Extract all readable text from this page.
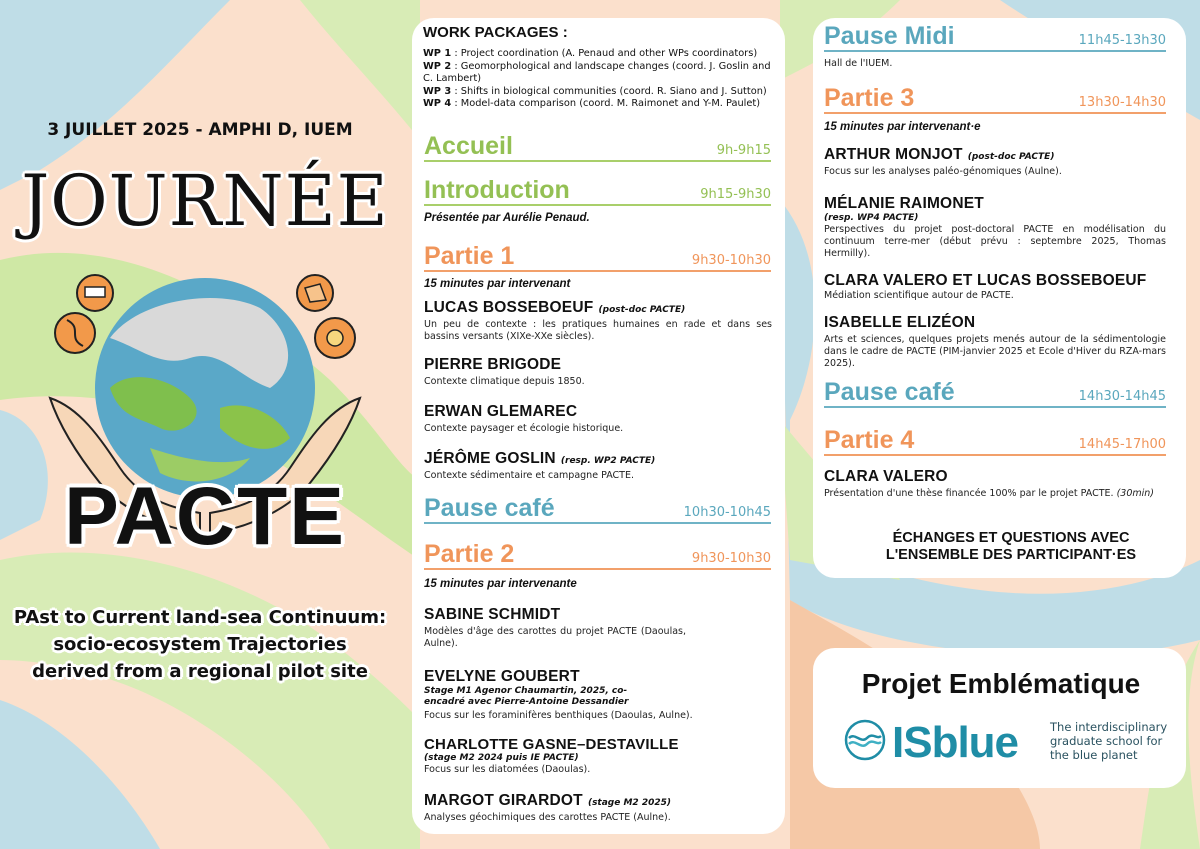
3 JUILLET 2025 - AMPHI D, IUEM
JOURNÉE
PACTE
PAst to Current land-sea Continuum:
socio-ecosystem Trajectories
derived from a regional pilot site
WORK PACKAGES :
WP 1 : Project coordination (A. Penaud and other WPs coordinators)
WP 2 : Geomorphological and landscape changes (coord. J. Goslin and C. Lambert)
WP 3 : Shifts in biological communities (coord. R. Siano and J. Sutton)
WP 4 : Model-data comparison (coord. M. Raimonet and Y-M. Paulet)
Accueil	9h-9h15
Introduction	9h15-9h30
Présentée par Aurélie Penaud.
Partie 1	9h30-10h30
15 minutes par intervenant
LUCAS BOSSEBOEUF (post-doc PACTE)
Un peu de contexte : les pratiques humaines en rade et dans ses bassins versants (XIXe-XXe siècles).
PIERRE BRIGODE
Contexte climatique depuis 1850.
ERWAN GLEMAREC
Contexte paysager et écologie historique.
JÉRÔME GOSLIN (resp. WP2 PACTE)
Contexte sédimentaire et campagne PACTE.
Pause café	10h30-10h45
Partie 2	9h30-10h30
15 minutes par intervenante
SABINE SCHMIDT
Modèles d'âge des carottes du projet PACTE (Daoulas, Aulne).
EVELYNE GOUBERT
Stage M1 Agenor Chaumartin, 2025, co-encadré avec Pierre-Antoine Dessandier
Focus sur les foraminifères benthiques (Daoulas, Aulne).
CHARLOTTE GASNE–DESTAVILLE
(stage M2 2024 puis IE PACTE)
Focus sur les diatomées (Daoulas).
MARGOT GIRARDOT (stage M2 2025)
Analyses géochimiques des carottes PACTE (Aulne).
Pause Midi	11h45-13h30
Hall de l'IUEM.
Partie 3	13h30-14h30
15 minutes par intervenant·e
ARTHUR MONJOT (post-doc PACTE)
Focus sur les analyses paléo-génomiques (Aulne).
MÉLANIE RAIMONET
(resp. WP4 PACTE)
Perspectives du projet post-doctoral PACTE en modélisation du continuum terre-mer (début prévu : septembre 2025, Thomas Hermilly).
CLARA VALERO ET LUCAS BOSSEBOEUF
Médiation scientifique autour de PACTE.
ISABELLE ELIZÉON
Arts et sciences, quelques projets menés autour de la sédimentologie dans le cadre de PACTE (PIM-janvier 2025 et Ecole d'Hiver du RZA-mars 2025).
Pause café	14h30-14h45
Partie 4	14h45-17h00
CLARA VALERO
Présentation d'une thèse financée 100% par le projet PACTE. (30min)
ÉCHANGES ET QUESTIONS AVEC
L'ENSEMBLE DES PARTICIPANT·ES
Projet Emblématique
ISblue	The interdisciplinary graduate school for the blue planet
